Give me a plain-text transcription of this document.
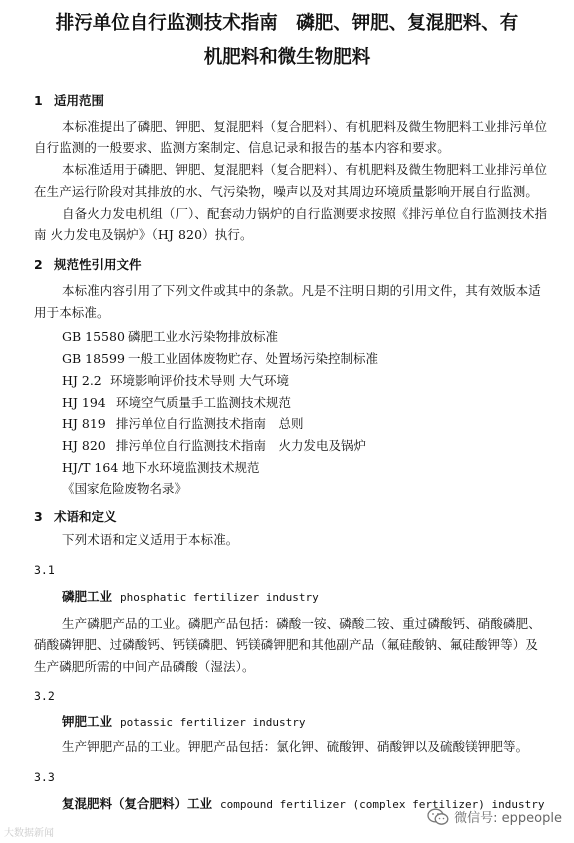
排污单位自行监测技术指南　磷肥、钾肥、复混肥料、有
机肥料和微生物肥料
1 适用范围
本标准提出了磷肥、钾肥、复混肥料（复合肥料）、有机肥料及微生物肥料工业排污单位
自行监测的一般要求、监测方案制定、信息记录和报告的基本内容和要求。
本标准适用于磷肥、钾肥、复混肥料（复合肥料）、有机肥料及微生物肥料工业排污单位
在生产运行阶段对其排放的水、气污染物，噪声以及对其周边环境质量影响开展自行监测。
自备火力发电机组（厂）、配套动力锅炉的自行监测要求按照《排污单位自行监测技术指
南 火力发电及锅炉》（HJ 820）执行。
2 规范性引用文件
本标准内容引用了下列文件或其中的条款。凡是不注明日期的引用文件，其有效版本适
用于本标准。
GB 15580 磷肥工业水污染物排放标准
GB 18599 一般工业固体废物贮存、处置场污染控制标准
HJ 2.2 环境影响评价技术导则 大气环境
HJ 194 环境空气质量手工监测技术规范
HJ 819 排污单位自行监测技术指南　总则
HJ 820 排污单位自行监测技术指南　火力发电及锅炉
HJ/T 164 地下水环境监测技术规范
《国家危险废物名录》
3 术语和定义
下列术语和定义适用于本标准。
3.1
磷肥工业 phosphatic fertilizer industry
生产磷肥产品的工业。磷肥产品包括：磷酸一铵、磷酸二铵、重过磷酸钙、硝酸磷肥、
硝酸磷钾肥、过磷酸钙、钙镁磷肥、钙镁磷钾肥和其他副产品（氟硅酸钠、氟硅酸钾等）及
生产磷肥所需的中间产品磷酸（湿法）。
3.2
钾肥工业 potassic fertilizer industry
生产钾肥产品的工业。钾肥产品包括：氯化钾、硫酸钾、硝酸钾以及硫酸镁钾肥等。
3.3
复混肥料（复合肥料）工业 compound fertilizer (complex fertilizer) industry
大数据新闻
微信号: eppeople
